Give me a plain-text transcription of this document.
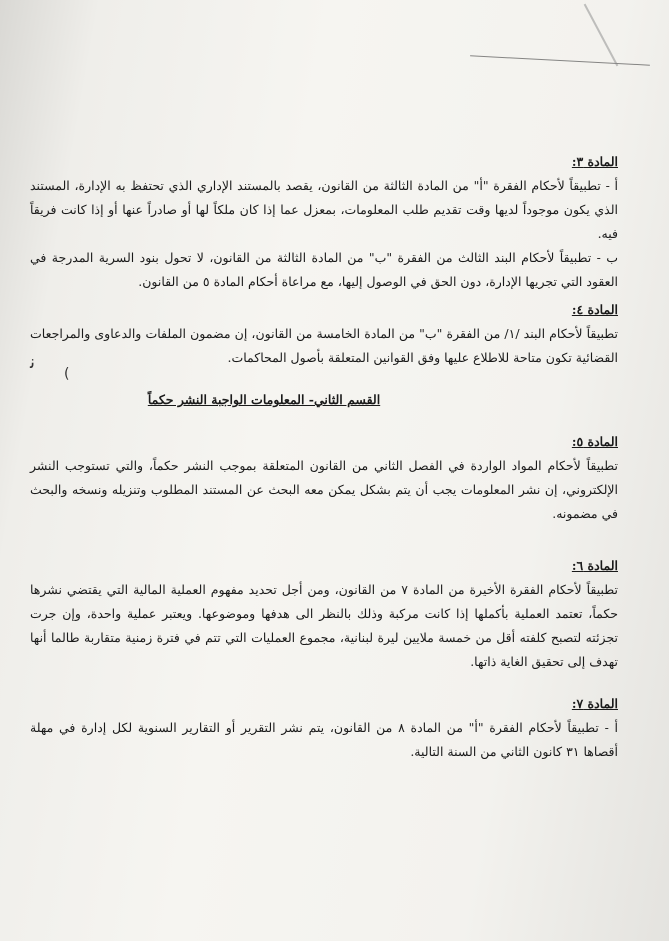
ﻧ
(

المادة ٣:

أ - تطبيقاً لأحكام الفقرة "أ" من المادة الثالثة من القانون، يقصد بالمستند الإداري الذي تحتفظ به الإدارة، المستند الذي يكون موجوداً لديها وقت تقديم طلب المعلومات، بمعزل عما إذا كان ملكاً لها أو صادراً عنها أو إذا كانت فريقاً فيه.

ب - تطبيقاً لأحكام البند الثالث من الفقرة "ب" من المادة الثالثة من القانون، لا تحول بنود السرية المدرجة في العقود التي تجريها الإدارة، دون الحق في الوصول إليها، مع مراعاة أحكام المادة ٥ من القانون.

المادة ٤:

تطبيقاً لأحكام البند /١/ من الفقرة "ب" من المادة الخامسة من القانون، إن مضمون الملفات والدعاوى والمراجعات القضائية تكون متاحة للاطلاع عليها وفق القوانين المتعلقة بأصول المحاكمات.

القسم الثاني- المعلومات الواجبة النشر حكماً

المادة ٥:

تطبيقاً لأحكام المواد الواردة في الفصل الثاني من القانون المتعلقة بموجب النشر حكماً، والتي تستوجب النشر الإلكتروني، إن نشر المعلومات يجب أن يتم بشكل يمكن معه البحث عن المستند المطلوب وتنزيله ونسخه والبحث في مضمونه.

المادة ٦:

تطبيقاً لأحكام الفقرة الأخيرة من المادة ٧ من القانون، ومن أجل تحديد مفهوم العملية المالية التي يقتضي نشرها حكماً، تعتمد العملية بأكملها إذا كانت مركبة وذلك بالنظر الى هدفها وموضوعها. ويعتبر عملية واحدة، وإن جرت تجزئته لتصبح كلفته أقل من خمسة ملايين ليرة لبنانية، مجموع العمليات التي تتم في فترة زمنية متقاربة طالما أنها تهدف إلى تحقيق الغاية ذاتها.

المادة ٧:

أ - تطبيقاً لأحكام الفقرة "أ" من المادة ٨ من القانون، يتم نشر التقرير أو التقارير السنوية لكل إدارة في مهلة أقصاها ٣١ كانون الثاني من السنة التالية.
